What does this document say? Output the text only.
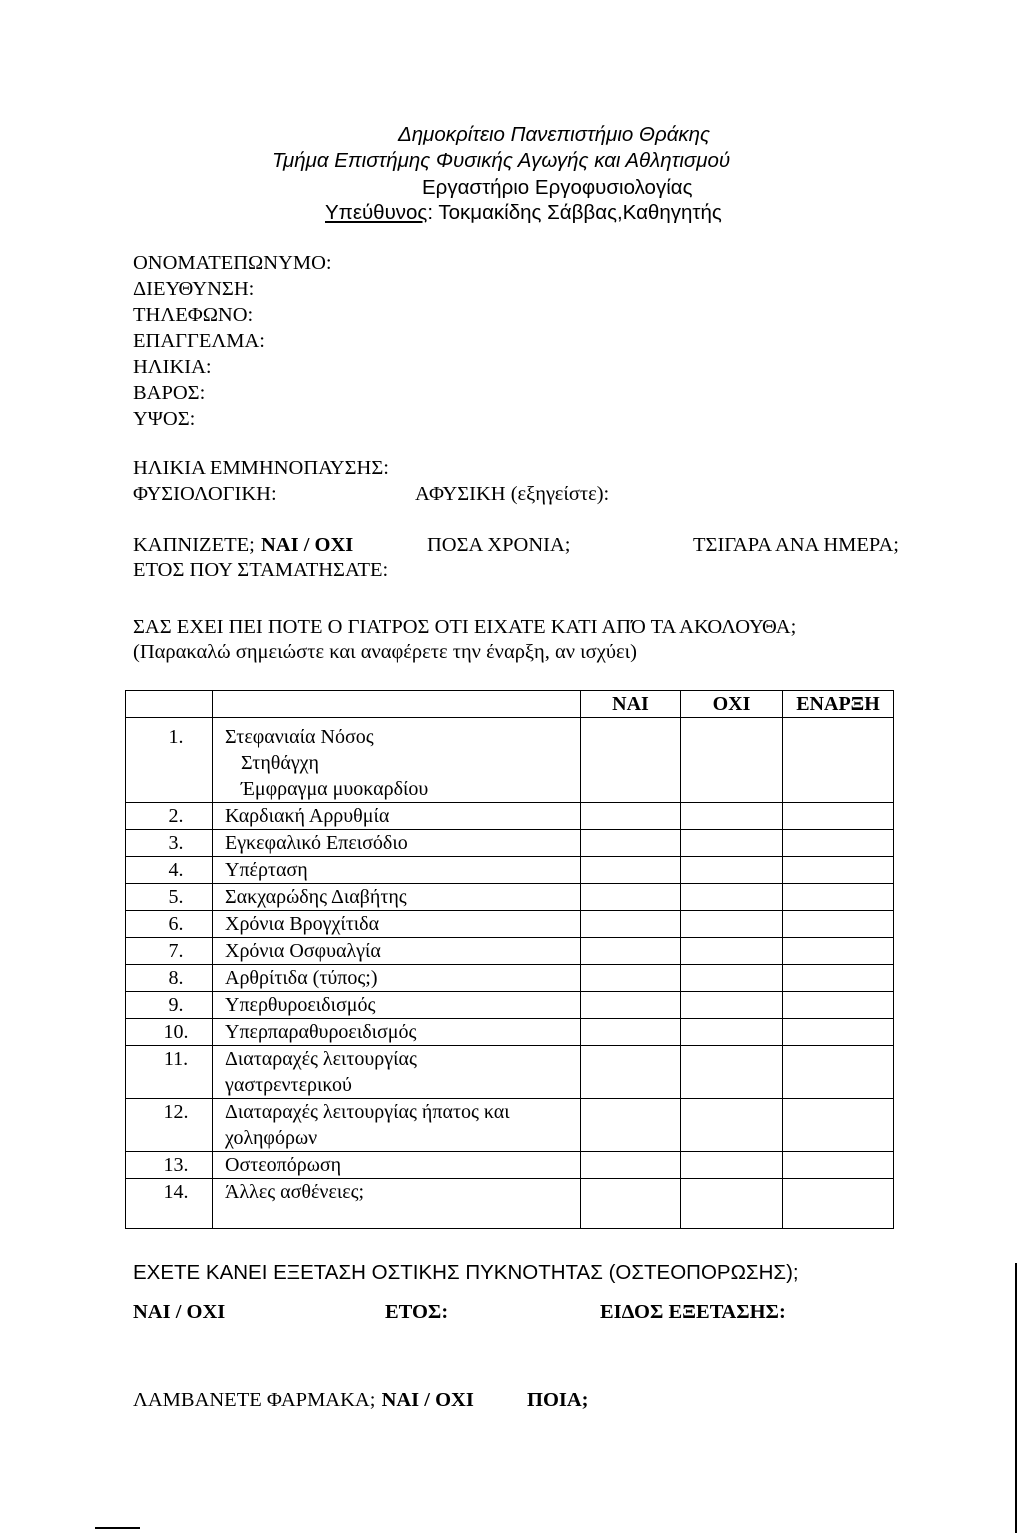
Δημοκρίτειο Πανεπιστήμιο Θράκης
Τμήμα Επιστήμης Φυσικής Αγωγής και Αθλητισμού
Εργαστήριο Εργοφυσιολογίας
Υπεύθυνος: Τοκμακίδης Σάββας,Καθηγητής
ΟΝΟΜΑΤΕΠΩΝΥΜΟ:
ΔΙΕΥΘΥΝΣΗ:
ΤΗΛΕΦΩΝΟ:
ΕΠΑΓΓΕΛΜΑ:
ΗΛΙΚΙΑ:
ΒΑΡΟΣ:
ΥΨΟΣ:
ΗΛΙΚΙΑ ΕΜΜΗΝΟΠΑΥΣΗΣ:
ΦΥΣΙΟΛΟΓΙΚΗ:	ΑΦΥΣΙΚΗ (εξηγείστε):
ΚΑΠΝΙΖΕΤΕ; ΝΑΙ / ΟΧΙ	ΠΟΣΑ ΧΡΟΝΙΑ;	ΤΣΙΓΑΡΑ ΑΝΑ ΗΜΕΡΑ;
ΕΤΟΣ ΠΟΥ ΣΤΑΜΑΤΗΣΑΤΕ:
ΣΑΣ ΕΧΕΙ ΠΕΙ ΠΟΤΕ Ο ΓΙΑΤΡΟΣ ΟΤΙ ΕΙΧΑΤΕ ΚΑΤΙ ΑΠΌ ΤΑ ΑΚΟΛΟΥΘΑ;
(Παρακαλώ σημειώστε και αναφέρετε την έναρξη, αν ισχύει)
		ΝΑΙ	ΟΧΙ	ΕΝΑΡΞΗ
1.	Στεφανιαία Νόσος
Στηθάγχη
Έμφραγμα μυοκαρδίου			

2.	Καρδιακή Αρρυθμία			
3.	Εγκεφαλικό Επεισόδιο			
4.	Υπέρταση			
5.	Σακχαρώδης Διαβήτης			
6.	Χρόνια Βρογχίτιδα			
7.	Χρόνια Οσφυαλγία			
8.	Αρθρίτιδα (τύπος;)			
9.	Υπερθυροειδισμός			
10.	Υπερπαραθυροειδισμός			
11.	Διαταραχές λειτουργίας
γαστρεντερικού			

12.	Διαταραχές λειτουργίας ήπατος και
χοληφόρων			

13.	Οστεοπόρωση			
14.	Άλλες ασθένειες;			
ΕΧΕΤΕ ΚΑΝΕΙ ΕΞΕΤΑΣΗ ΟΣΤΙΚΗΣ ΠΥΚΝΟΤΗΤΑΣ (ΟΣΤΕΟΠΟΡΩΣΗΣ);
ΝΑΙ / ΟΧΙ	ΕΤΟΣ:	ΕΙΔΟΣ ΕΞΕΤΑΣΗΣ:
ΛΑΜΒΑΝΕΤΕ ΦΑΡΜΑΚΑ; ΝΑΙ / ΟΧΙ	ΠΟΙΑ;
